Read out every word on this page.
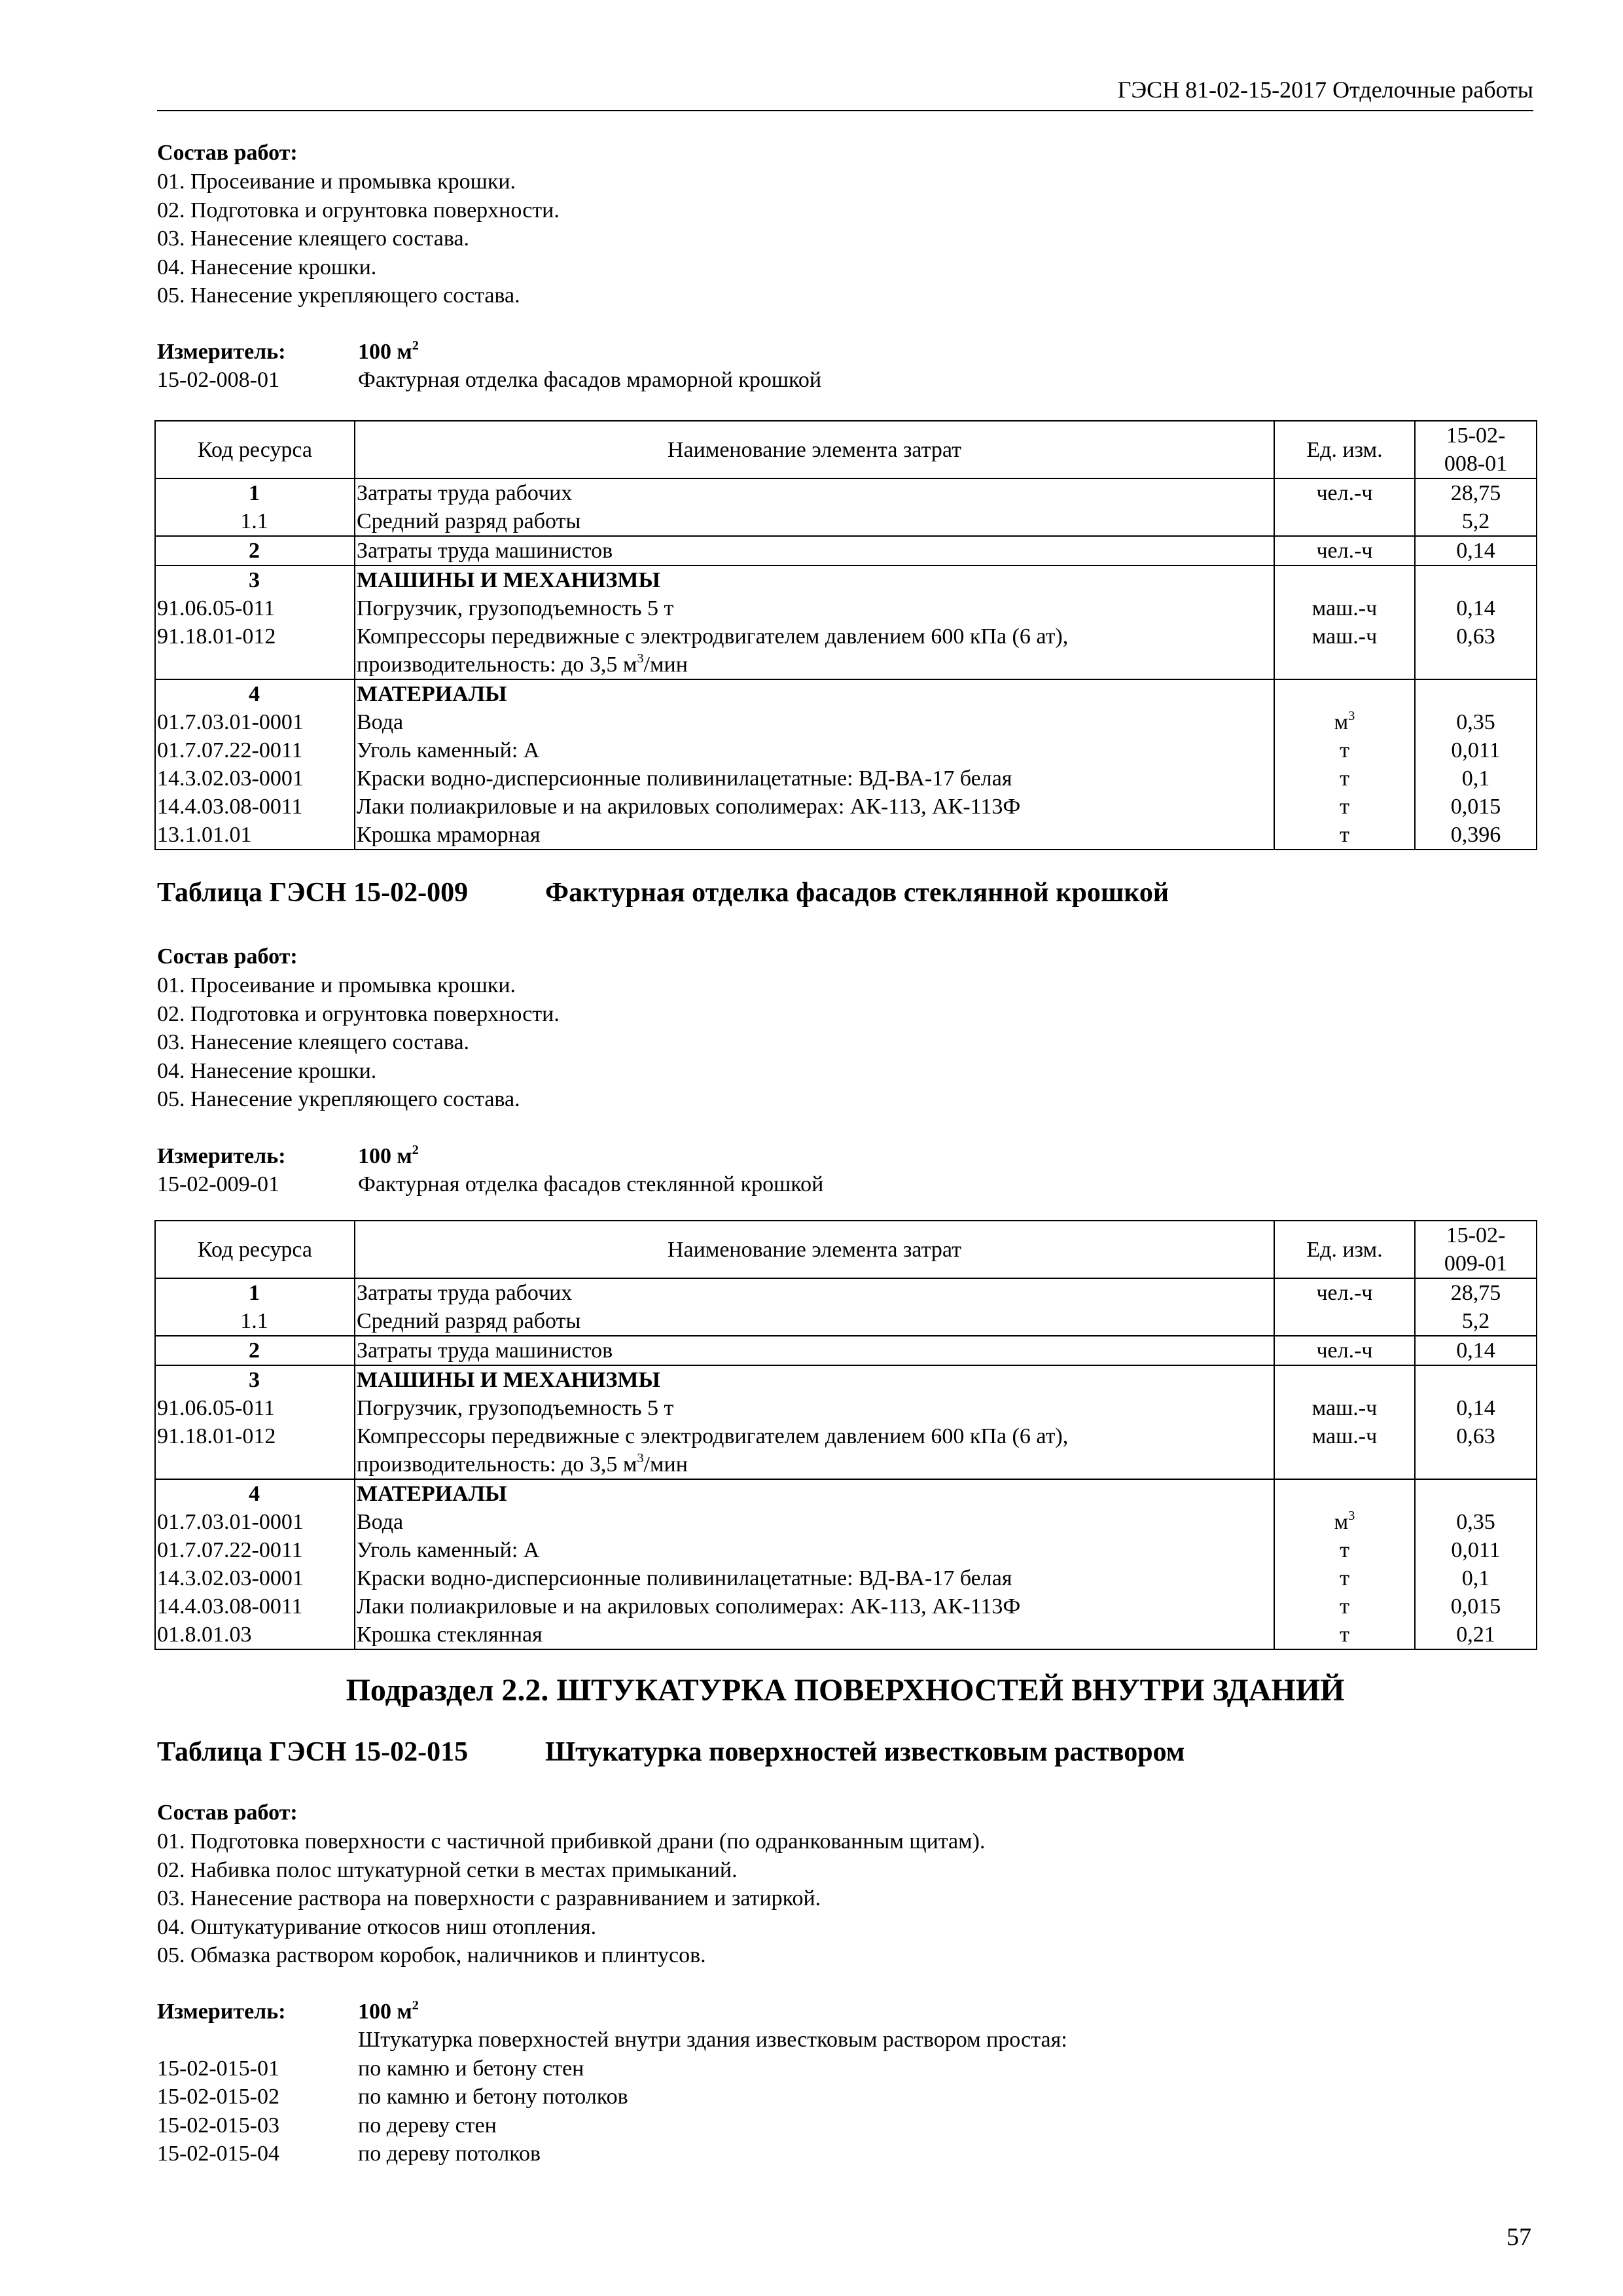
ГЭСН 81-02-15-2017 Отделочные работы
Состав работ:
01. Просеивание и промывка крошки.
02. Подготовка и огрунтовка поверхности.
03. Нанесение клеящего состава.
04. Нанесение крошки.
05. Нанесение укрепляющего состава.
Измеритель:	100 $м^2$
15-02-008-01	Фактурная отделка фасадов мраморной крошкой
Код ресурса	Наименование элемента затрат	Ед. изм.	15-02-
008-01

1	Затраты труда рабочих	чел.-ч	28,75
1.1	Средний разряд работы		5,2
2	Затраты труда машинистов	чел.-ч	0,14
3	МАШИНЫ И МЕХАНИЗМЫ		
91.06.05-011	Погрузчик, грузоподъемность 5 т	маш.-ч	0,14
91.18.01-012	Компрессоры передвижные с электродвигателем давлением 600 кПа (6 ат),	маш.-ч	0,63
	производительность: до 3,5 $м^3$/мин		
4	МАТЕРИАЛЫ		
01.7.03.01-0001	Вода	$м^3$	0,35
01.7.07.22-0011	Уголь каменный: А	т	0,011
14.3.02.03-0001	Краски водно-дисперсионные поливинилацетатные: ВД-ВА-17 белая	т	0,1
14.4.03.08-0011	Лаки полиакриловые и на акриловых сополимерах: АК-113, АК-113Ф	т	0,015
13.1.01.01	Крошка мраморная	т	0,396
Таблица ГЭСН 15-02-009	Фактурная отделка фасадов стеклянной крошкой
Состав работ:
01. Просеивание и промывка крошки.
02. Подготовка и огрунтовка поверхности.
03. Нанесение клеящего состава.
04. Нанесение крошки.
05. Нанесение укрепляющего состава.
Измеритель:	100 $м^2$
15-02-009-01	Фактурная отделка фасадов стеклянной крошкой
Код ресурса	Наименование элемента затрат	Ед. изм.	15-02-
009-01

1	Затраты труда рабочих	чел.-ч	28,75
1.1	Средний разряд работы		5,2
2	Затраты труда машинистов	чел.-ч	0,14
3	МАШИНЫ И МЕХАНИЗМЫ		
91.06.05-011	Погрузчик, грузоподъемность 5 т	маш.-ч	0,14
91.18.01-012	Компрессоры передвижные с электродвигателем давлением 600 кПа (6 ат),	маш.-ч	0,63
	производительность: до 3,5 $м^3$/мин		
4	МАТЕРИАЛЫ		
01.7.03.01-0001	Вода	$м^3$	0,35
01.7.07.22-0011	Уголь каменный: А	т	0,011
14.3.02.03-0001	Краски водно-дисперсионные поливинилацетатные: ВД-ВА-17 белая	т	0,1
14.4.03.08-0011	Лаки полиакриловые и на акриловых сополимерах: АК-113, АК-113Ф	т	0,015
01.8.01.03	Крошка стеклянная	т	0,21
Подраздел 2.2. ШТУКАТУРКА ПОВЕРХНОСТЕЙ ВНУТРИ ЗДАНИЙ
Таблица ГЭСН 15-02-015	Штукатурка поверхностей известковым раствором
Состав работ:
01. Подготовка поверхности с частичной прибивкой драни (по одранкованным щитам).
02. Набивка полос штукатурной сетки в местах примыканий.
03. Нанесение раствора на поверхности с разравниванием и затиркой.
04. Оштукатуривание откосов ниш отопления.
05. Обмазка раствором коробок, наличников и плинтусов.
Измеритель:	100 $м^2$
Штукатурка поверхностей внутри здания известковым раствором простая:
15-02-015-01	по камню и бетону стен
15-02-015-02	по камню и бетону потолков
15-02-015-03	по дереву стен
15-02-015-04	по дереву потолков
57
